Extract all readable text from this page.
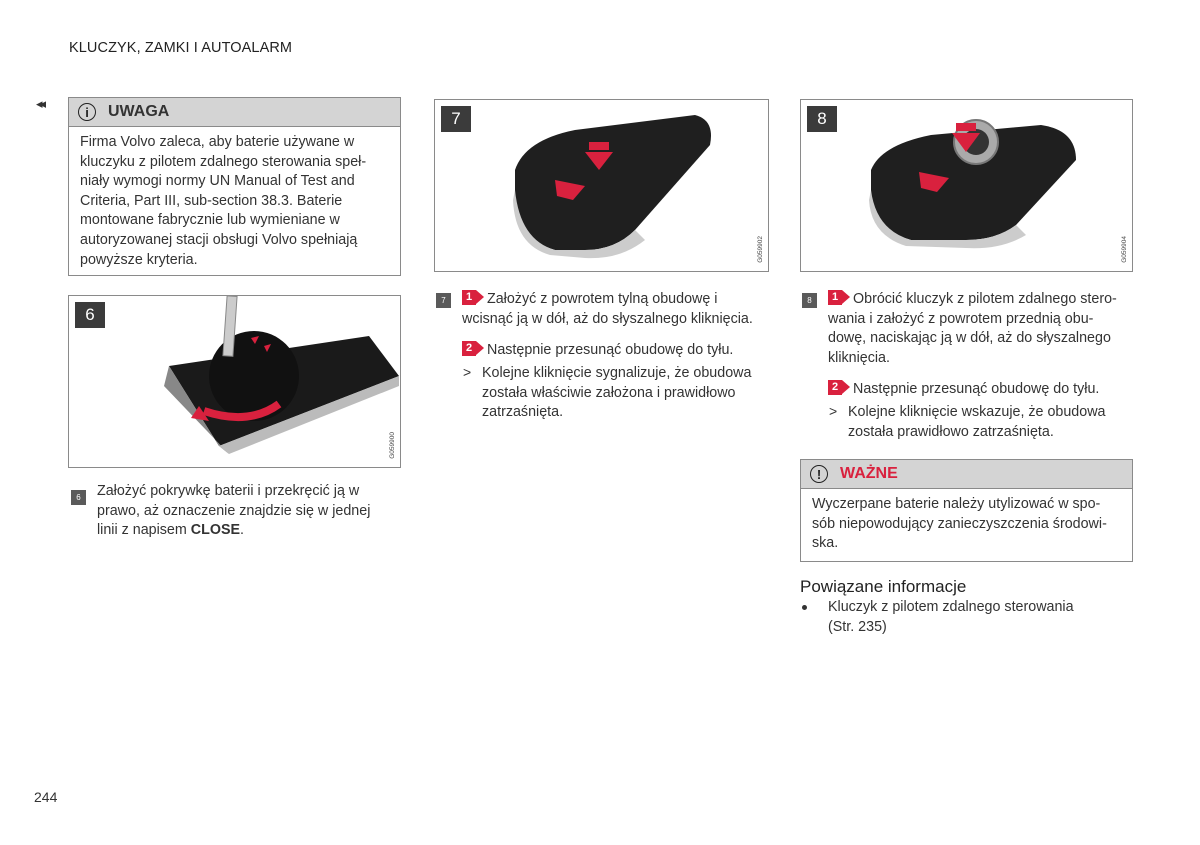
KLUCZYK, ZAMKI I AUTOALARM
◂◂
i	UWAGA
Firma Volvo zaleca, aby baterie używane w
kluczyku z pilotem zdalnego sterowania speł-
niały wymogi normy UN Manual of Test and
Criteria, Part III, sub-section 38.3. Baterie
montowane fabrycznie lub wymieniane w
autoryzowanej stacji obsługi Volvo spełniają
powyższe kryteria.
6
G059900
6	Założyć pokrywkę baterii i przekręcić ją w
prawo, aż oznaczenie znajdzie się w jednej
linii z napisem CLOSE.
7
G059902
7	1 Założyć z powrotem tylną obudowę i
wcisnąć ją w dół, aż do słyszalnego kliknięcia.
2 Następnie przesunąć obudowę do tyłu.
> Kolejne kliknięcie sygnalizuje, że obudowa
została właściwie założona i prawidłowo
zatrzaśnięta.
8
G059904
8	1 Obrócić kluczyk z pilotem zdalnego stero-
wania i założyć z powrotem przednią obu-
dowę, naciskając ją w dół, aż do słyszalnego
kliknięcia.
2 Następnie przesunąć obudowę do tyłu.
> Kolejne kliknięcie wskazuje, że obudowa
została prawidłowo zatrzaśnięta.
!	WAŻNE
Wyczerpane baterie należy utylizować w spo-
sób niepowodujący zanieczyszczenia środowi-
ska.
Powiązane informacje
Kluczyk z pilotem zdalnego sterowania
(Str. 235)
244
